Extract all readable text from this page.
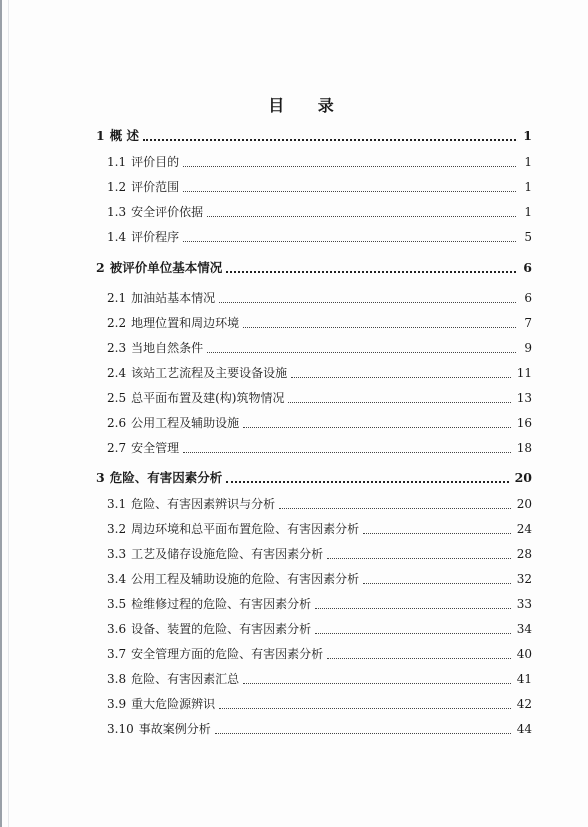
目 录
1 概 述	1
1.1 评价目的	1
1.2 评价范围	1
1.3 安全评价依据	1
1.4 评价程序	5
2 被评价单位基本情况	6
2.1 加油站基本情况	6
2.2 地理位置和周边环境	7
2.3 当地自然条件	9
2.4 该站工艺流程及主要设备设施	11
2.5 总平面布置及建(构)筑物情况	13
2.6 公用工程及辅助设施	16
2.7 安全管理	18
3 危险、有害因素分析	20
3.1 危险、有害因素辨识与分析	20
3.2 周边环境和总平面布置危险、有害因素分析	24
3.3 工艺及储存设施危险、有害因素分析	28
3.4 公用工程及辅助设施的危险、有害因素分析	32
3.5 检维修过程的危险、有害因素分析	33
3.6 设备、装置的危险、有害因素分析	34
3.7 安全管理方面的危险、有害因素分析	40
3.8 危险、有害因素汇总	41
3.9 重大危险源辨识	42
3.10 事故案例分析	44
